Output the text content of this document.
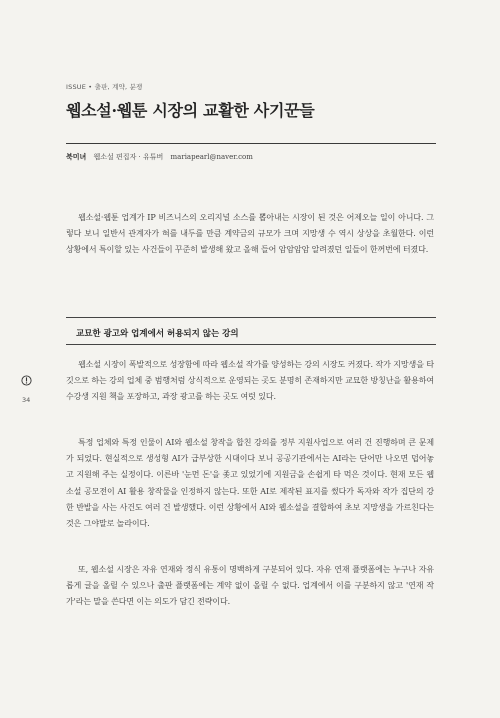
ISSUE • 출판, 계약, 분쟁
웹소설·웹툰 시장의 교활한 사기꾼들
북미녀 웹소설 편집자 · 유튜버 mariapearl@naver.com

웹소설·웹툰 업계가 IP 비즈니스의 오리지널 소스를 뽑아내는 시장이 된 것은 어제오늘 일이 아니다. 그렇다 보니 일반서 관계자가 혀를 내두를 만큼 계약금의 규모가 크며 지망생 수 역시 상상을 초월한다. 이런 상황에서 특이할 있는 사건들이 꾸준히 발생해 왔고 올해 들어 암암암암 알려졌던 일들이 한꺼번에 터졌다.

교묘한 광고와 업계에서 허용되지 않는 강의

웹소설 시장이 폭발적으로 성장함에 따라 웹소설 작가를 양성하는 강의 시장도 커졌다. 작가 지망생을 타깃으로 하는 강의 업체 중 범행처럼 상식적으로 운영되는 곳도 분명히 존재하지만 교묘한 방칭난을 활용하여 수강생 지원 책을 포장하고, 과장 광고를 하는 곳도 여럿 있다.

특정 업체와 특정 인물이 AI와 웹소설 창작을 합친 강의를 정부 지원사업으로 여러 건 진행하며 큰 문제가 되었다. 현실적으로 생성형 AI가 급부상한 시대이다 보니 공공기관에서는 AI라는 단어만 나오면 덥어놓고 지원해 주는 실정이다. 이른바 '눈먼 돈'을 좇고 있었기에 지원금을 손쉽게 타 먹은 것이다. 현재 모든 웹소설 공모전이 AI 활용 창작물을 인정하지 않는다. 또한 AI로 제작된 표지를 썼다가 독자와 작가 집단의 강한 반발을 사는 사건도 여러 건 발생했다. 이런 상황에서 AI와 웹소설을 결합하여 초보 지망생을 가르친다는 것은 그야말로 놀라이다.

또, 웹소설 시장은 자유 연재와 정식 유통이 명백하게 구분되어 있다. 자유 연재 플랫폼에는 누구나 자유롭게 글을 올릴 수 있으나 출판 플랫폼에는 계약 없이 올릴 수 없다. 업계에서 이를 구분하지 않고 '연재 작가'라는 말을 쓴다면 이는 의도가 담긴 전략이다.

34
